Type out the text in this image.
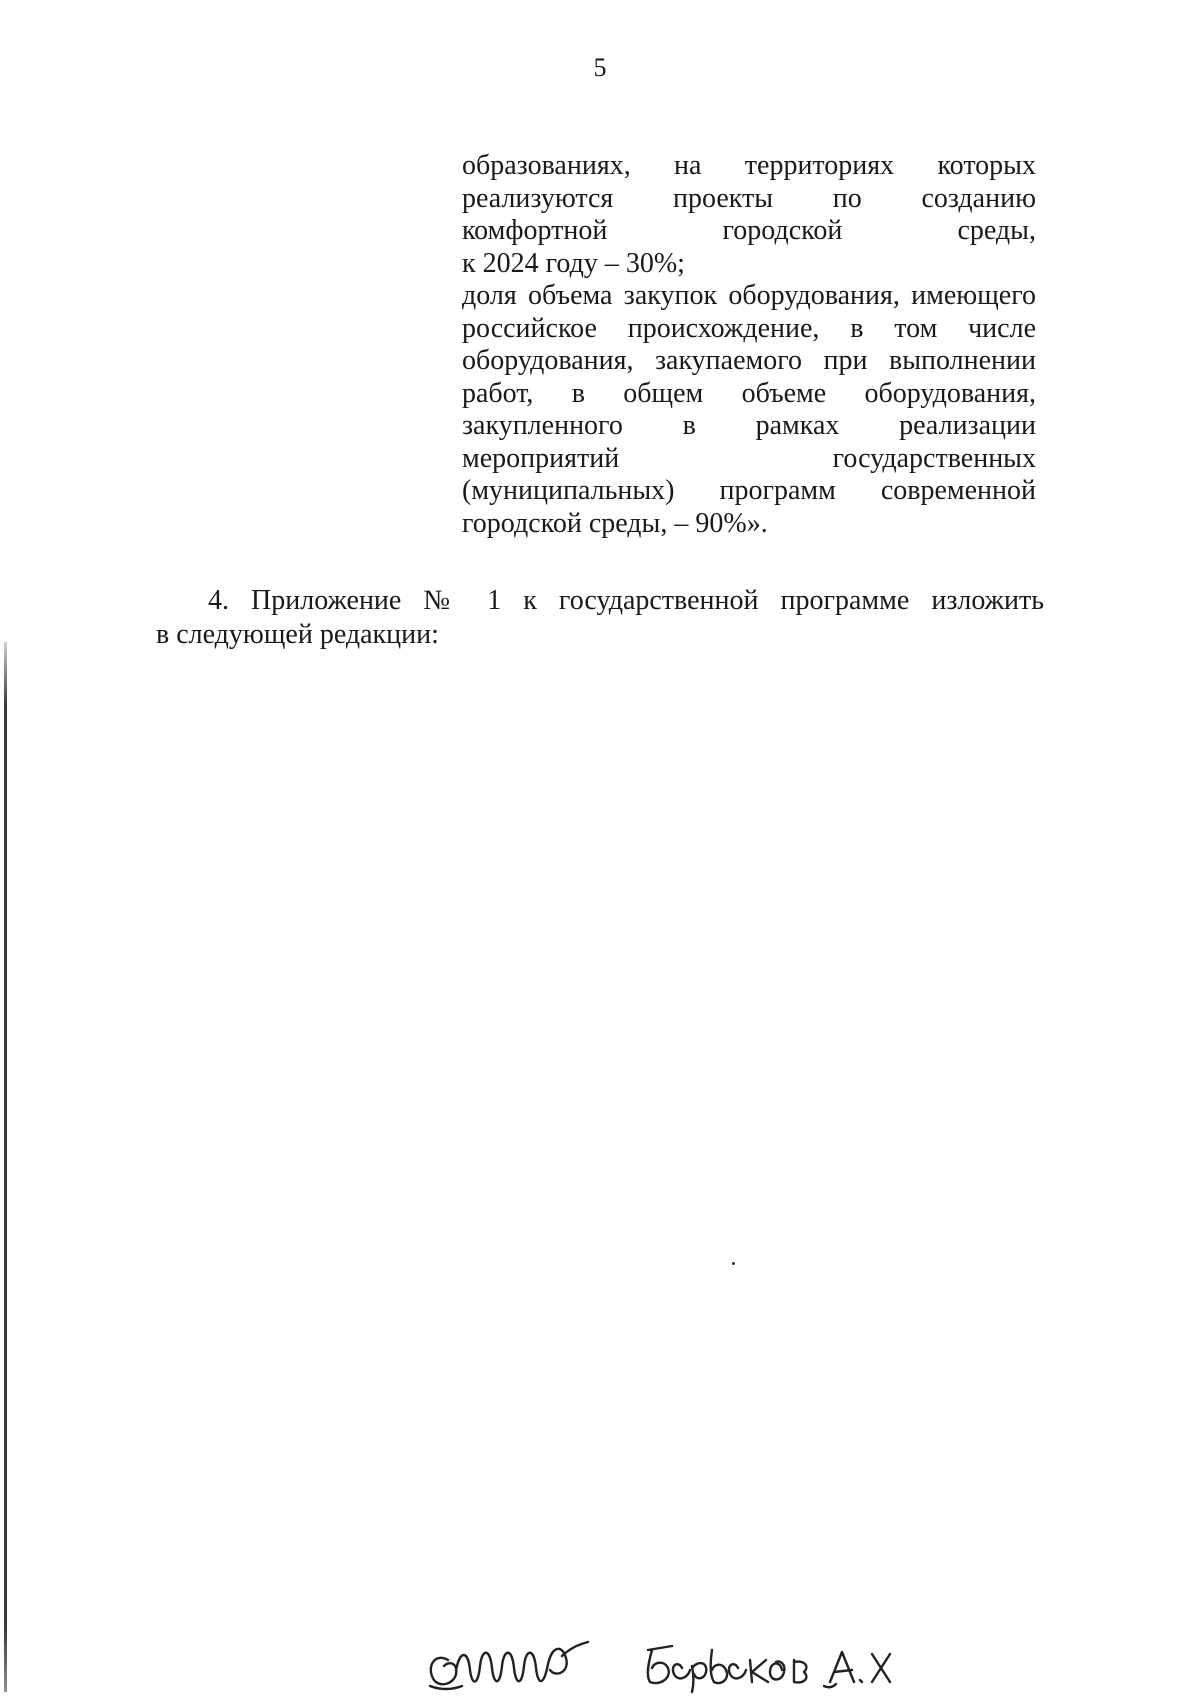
5
образованиях, на территориях которых
реализуются проекты по созданию
комфортной городской среды,
к 2024 году – 30%;
доля объема закупок оборудования, имеющего
российское происхождение, в том числе
оборудования, закупаемого при выполнении
работ, в общем объеме оборудования,
закупленного в рамках реализации
мероприятий государственных
(муниципальных) программ современной
городской среды, – 90%».
4. Приложение № 1 к государственной программе изложить
в следующей редакции:
